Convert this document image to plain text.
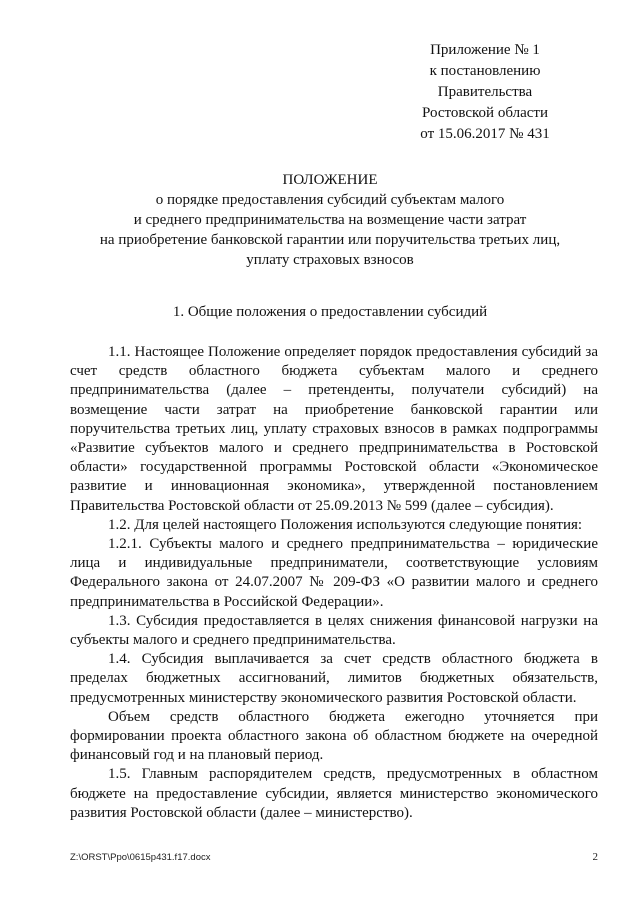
Приложение № 1
к постановлению
Правительства
Ростовской области
от 15.06.2017 № 431
ПОЛОЖЕНИЕ
о порядке предоставления субсидий субъектам малого
и среднего предпринимательства на возмещение части затрат
на приобретение банковской гарантии или поручительства третьих лиц,
уплату страховых взносов
1. Общие положения о предоставлении субсидий

1.1. Настоящее Положение определяет порядок предоставления субсидий за счет средств областного бюджета субъектам малого и среднего предпринимательства (далее – претенденты, получатели субсидий) на возмещение части затрат на приобретение банковской гарантии или поручительства третьих лиц, уплату страховых взносов в рамках подпрограммы «Развитие субъектов малого и среднего предпринимательства в Ростовской области» государственной программы Ростовской области «Экономическое развитие и инновационная экономика», утвержденной постановлением Правительства Ростовской области от 25.09.2013 № 599 (далее – субсидия).

1.2. Для целей настоящего Положения используются следующие понятия:

1.2.1. Субъекты малого и среднего предпринимательства – юридические лица и индивидуальные предприниматели, соответствующие условиям Федерального закона от 24.07.2007 № 209-ФЗ «О развитии малого и среднего предпринимательства в Российской Федерации».

1.3. Субсидия предоставляется в целях снижения финансовой нагрузки на субъекты малого и среднего предпринимательства.

1.4. Субсидия выплачивается за счет средств областного бюджета в пределах бюджетных ассигнований, лимитов бюджетных обязательств, предусмотренных министерству экономического развития Ростовской области.

Объем средств областного бюджета ежегодно уточняется при формировании проекта областного закона об областном бюджете на очередной финансовый год и на плановый период.

1.5. Главным распорядителем средств, предусмотренных в областном бюджете на предоставление субсидии, является министерство экономического развития Ростовской области (далее – министерство).

Z:\ORST\Ppo\0615p431.f17.docx	2
